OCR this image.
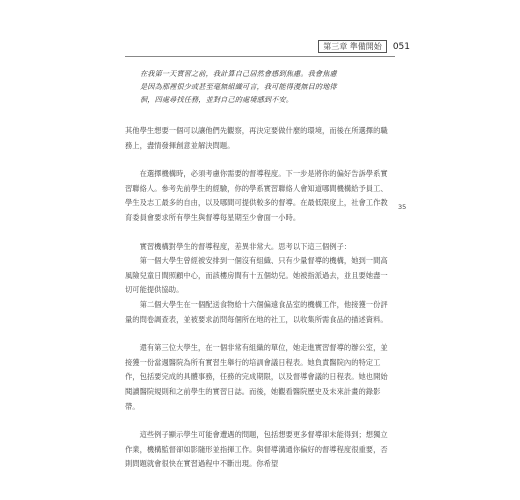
第三章 準備開始	051

在我第一天實習之前，我計算自己居然會感到焦慮。我會焦慮

是因為那裡很少或甚至毫無組織可言，我可能得漫無目的地徘

徊，四處尋找任務，並對自己的處境感到不安。

其他學生想要一個可以讓他們先觀察，再決定要做什麼的環境，而後在所選擇的職務上，盡情發揮創意並解決問題。

在選擇機構時，必須考慮你需要的督導程度。下一步是將你的偏好告訴學系實習聯絡人。參考先前學生的經驗，你的學系實習聯絡人會知道哪間機構給予員工、學生及志工最多的自由，以及哪間可提供較多的督導。在最低限度上，社會工作教育委員會要求所有學生與督導每星期至少會面一小時。

實習機構對學生的督導程度，差異非常大。思考以下這三個例子：

第一個大學生曾經被安排到一個沒有組織、只有少量督導的機構，她到一間高風險兒童日間照顧中心，而該樓房間有十五個幼兒。她被指派過去，並且要她盡一切可能提供協助。

第二個大學生在一個配送食物給十六個偏遠食品室的機構工作，他接獲一份評量的問卷調查表，並被要求訪問每個所在地的社工，以收集所需食品的描述資料。

還有第三位大學生，在一個非常有組織的單位，她走進實習督導的辦公室，並接獲一份當週醫院為所有實習生舉行的培訓會議日程表。她負責醫院內的特定工作，包括要完成的具體事務，任務的完成期限，以及督導會議的日程表。她也開始閱讀醫院規則和之前學生的實習日誌。而後，她觀看醫院歷史及未來計畫的錄影帶。

這些例子顯示學生可能會遭遇的問題，包括想要更多督導卻未能得到；想獨立作業，機構監督卻如影隨形並指揮工作。與督導溝通你偏好的督導程度很重要，否則問題就會很快在實習過程中不斷出現。你希望

35
